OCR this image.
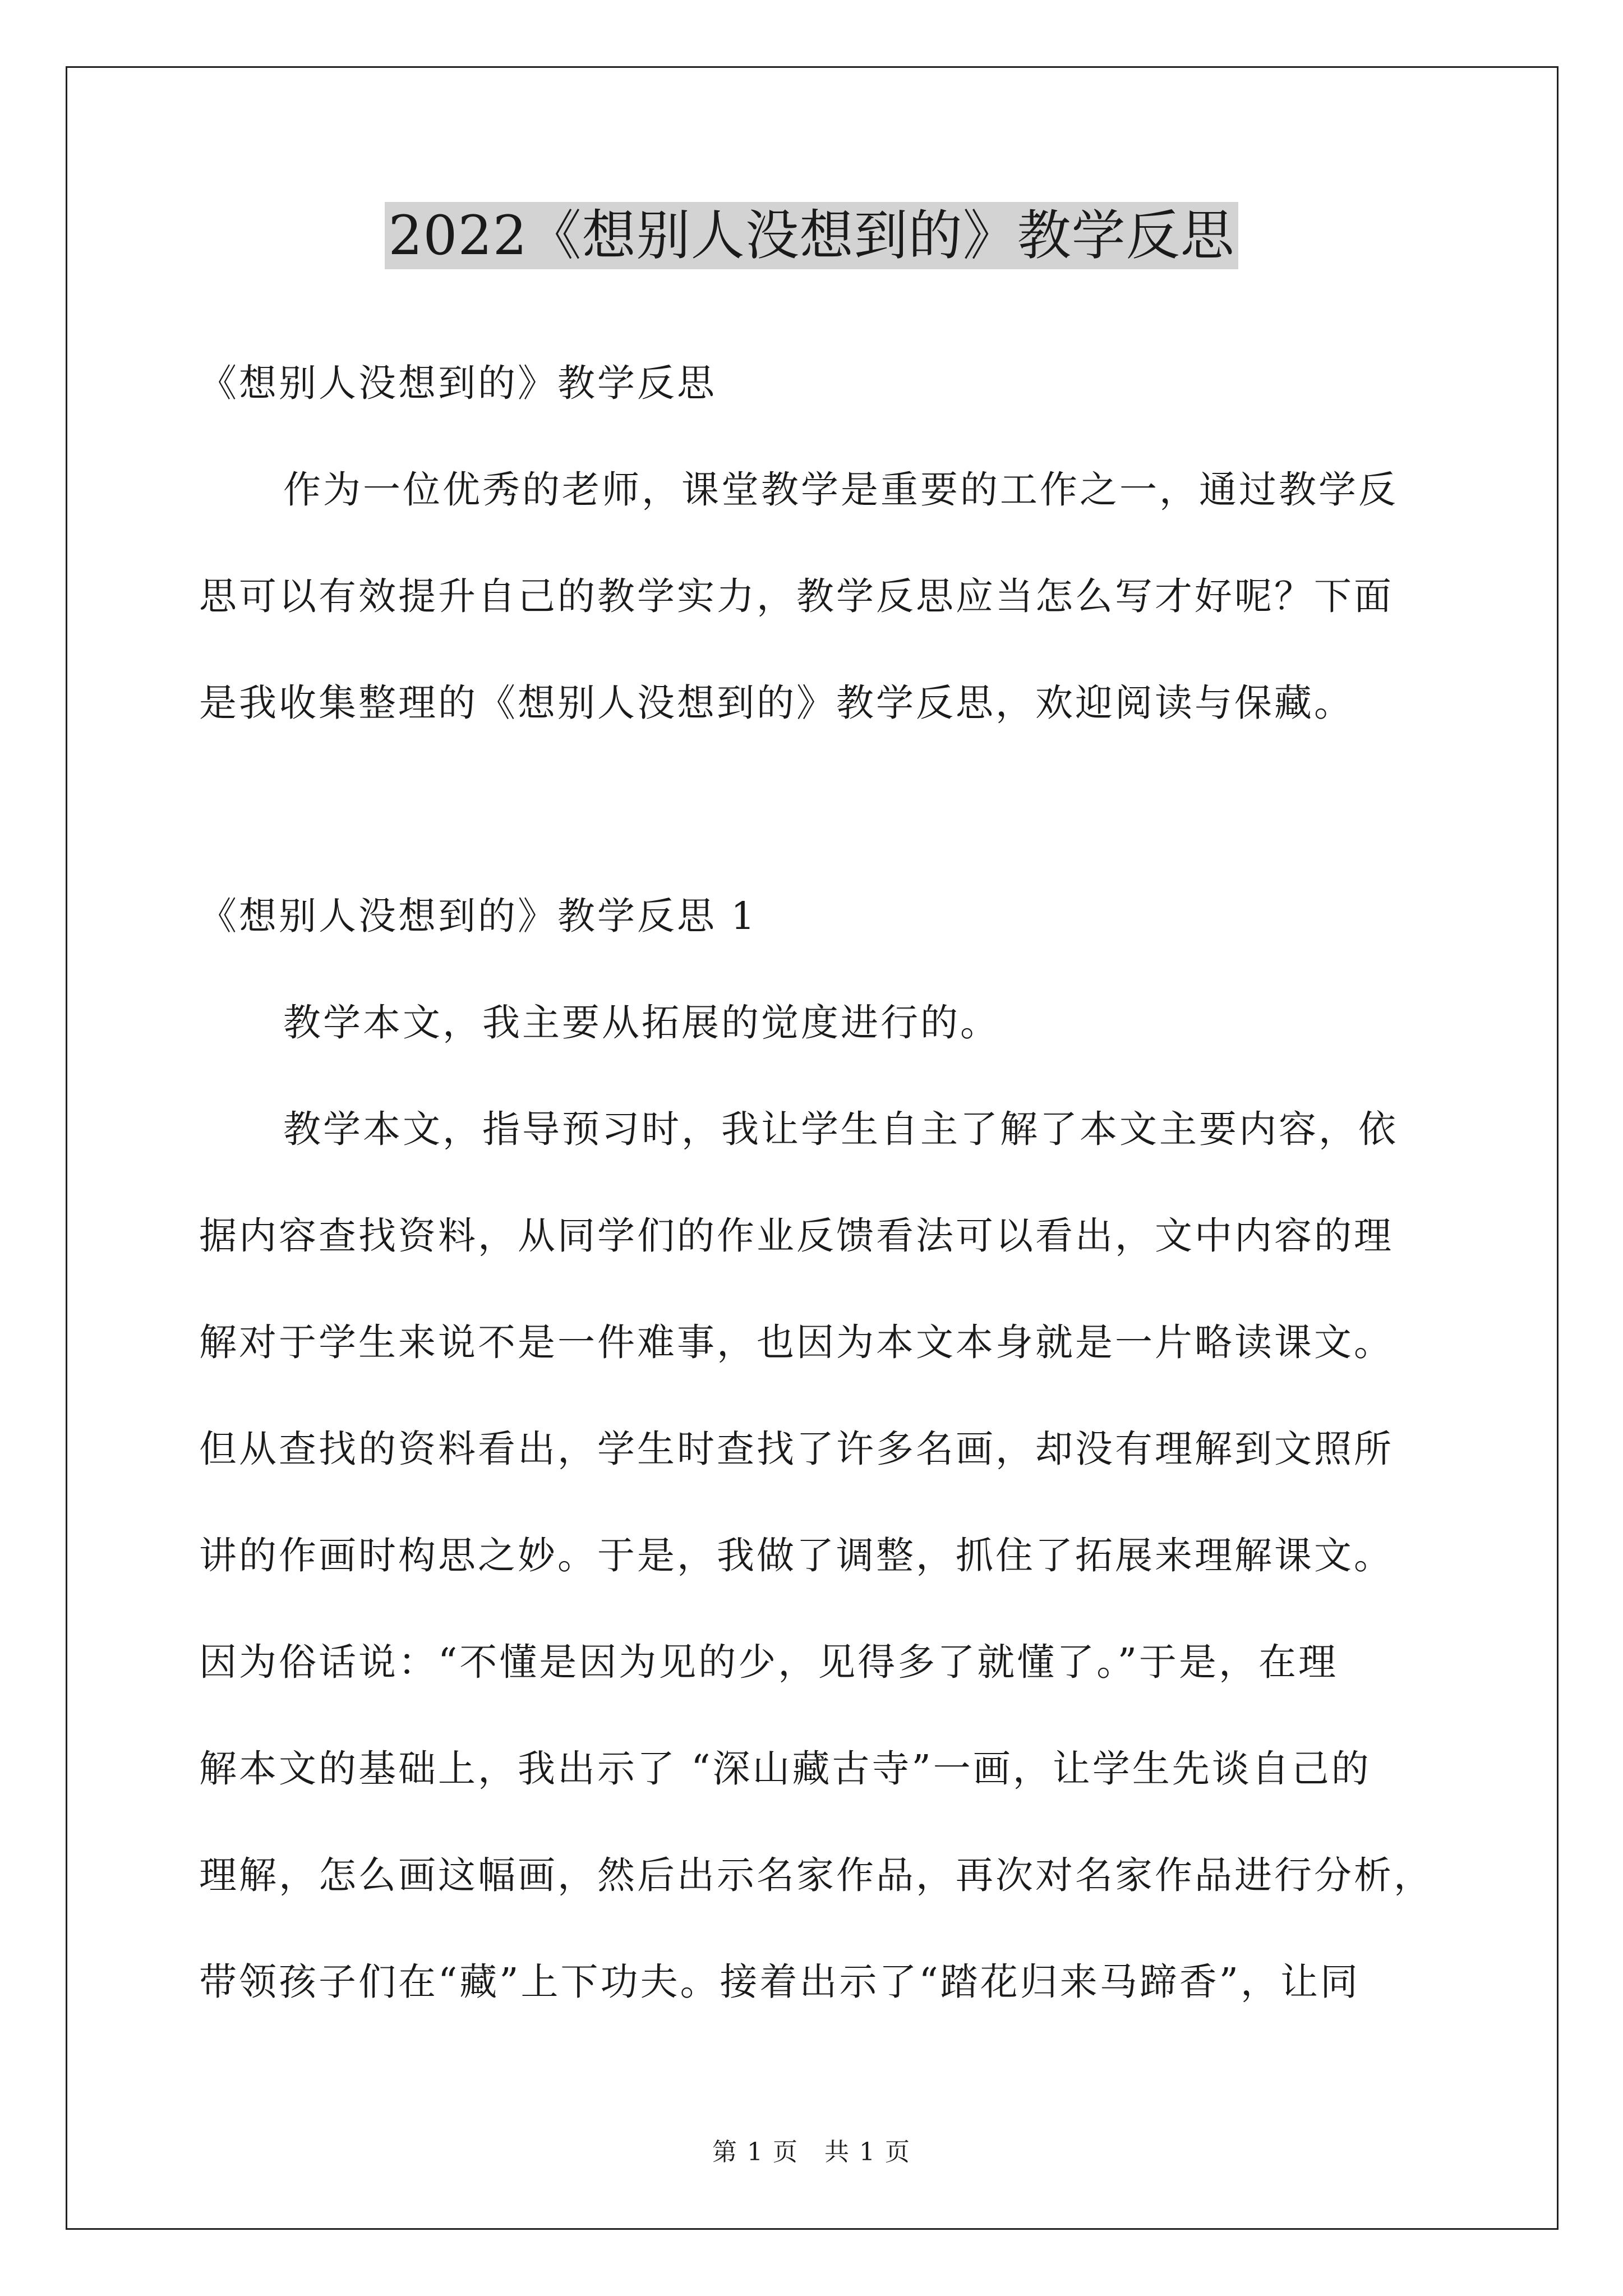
2022《想别人没想到的》教学反思
《想别人没想到的》教学反思
作为一位优秀的老师，课堂教学是重要的工作之一，通过教学反
思可以有效提升自己的教学实力，教学反思应当怎么写才好呢？下面
是我收集整理的《想别人没想到的》教学反思，欢迎阅读与保藏。
《想别人没想到的》教学反思 1
教学本文，我主要从拓展的觉度进行的。
教学本文，指导预习时，我让学生自主了解了本文主要内容，依
据内容查找资料，从同学们的作业反馈看法可以看出，文中内容的理
解对于学生来说不是一件难事，也因为本文本身就是一片略读课文。
但从查找的资料看出，学生时查找了许多名画，却没有理解到文照所
讲的作画时构思之妙。于是，我做了调整，抓住了拓展来理解课文。
因为俗话说：“不懂是因为见的少，见得多了就懂了。”于是，在理
解本文的基础上，我出示了 “深山藏古寺”一画，让学生先谈自己的
理解，怎么画这幅画，然后出示名家作品，再次对名家作品进行分析，
带领孩子们在“藏”上下功夫。接着出示了“踏花归来马蹄香”，让同
第 1 页　共 1 页
